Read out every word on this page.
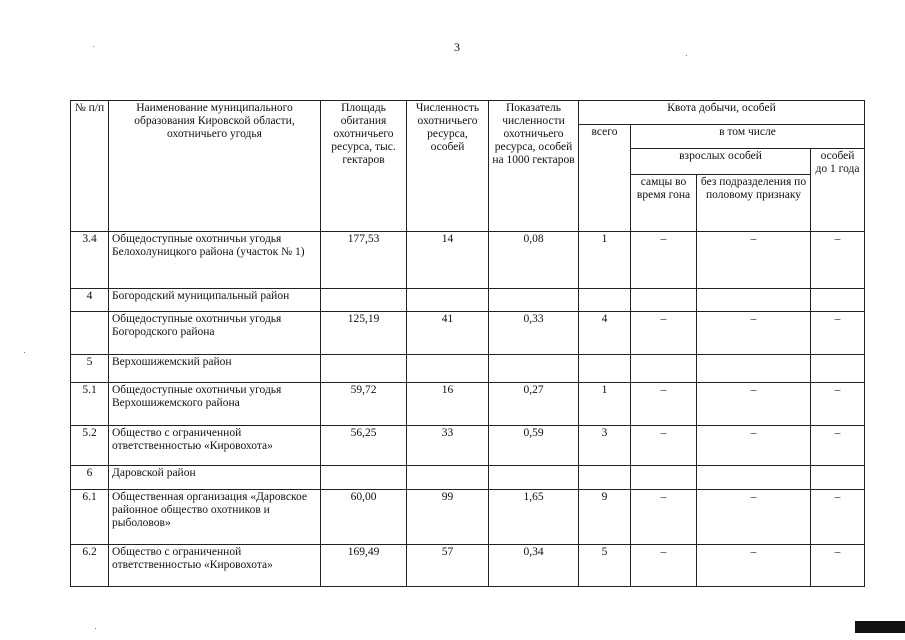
3
№ п/п	Наименование муниципального образования Кировской области, охотничьего угодья	Площадь обитания охотничьего ресурса, тыс. гектаров	Численность охотничьего ресурса, особей	Показатель численности охотничьего ресурса, особей на 1000 гектаров	Квота добычи, особей			
					всего	в том числе		
						взрослых особей		особей до 1 года
						самцы во время гона	без подразделения по половому признаку	
3.4	Общедоступные охотничьи угодья Белохолуницкого района (участок № 1)	177,53	14	0,08	1	–	–	–
4	Богородский муниципальный район							
	Общедоступные охотничьи угодья Богородского района	125,19	41	0,33	4	–	–	–
5	Верхошижемский район							
5.1	Общедоступные охотничьи угодья Верхошижемского района	59,72	16	0,27	1	–	–	–
5.2	Общество с ограниченной ответственностью «Кировохота»	56,25	33	0,59	3	–	–	–
6	Даровской район							
6.1	Общественная организация «Даровское районное общество охотников и рыболовов»	60,00	99	1,65	9	–	–	–
6.2	Общество с ограниченной ответственностью «Кировохота»	169,49	57	0,34	5	–	–	–
